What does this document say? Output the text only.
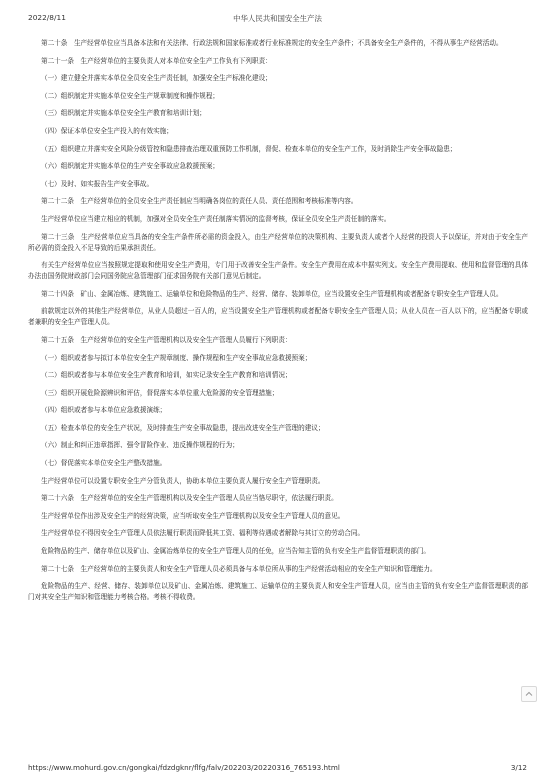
2022/8/11	中华人民共和国安全生产法

第二十条　生产经营单位应当具备本法和有关法律、行政法规和国家标准或者行业标准规定的安全生产条件；不具备安全生产条件的，不得从事生产经营活动。

第二十一条　生产经营单位的主要负责人对本单位安全生产工作负有下列职责：

（一）建立健全并落实本单位全员安全生产责任制，加强安全生产标准化建设；

（二）组织制定并实施本单位安全生产规章制度和操作规程；

（三）组织制定并实施本单位安全生产教育和培训计划；

（四）保证本单位安全生产投入的有效实施；

（五）组织建立并落实安全风险分级管控和隐患排查治理双重预防工作机制，督促、检查本单位的安全生产工作，及时消除生产安全事故隐患；

（六）组织制定并实施本单位的生产安全事故应急救援预案；

（七）及时、如实报告生产安全事故。

第二十二条　生产经营单位的全员安全生产责任制应当明确各岗位的责任人员、责任范围和考核标准等内容。

生产经营单位应当建立相应的机制，加强对全员安全生产责任制落实情况的监督考核，保证全员安全生产责任制的落实。

第二十三条　生产经营单位应当具备的安全生产条件所必需的资金投入，由生产经营单位的决策机构、主要负责人或者个人经营的投资人予以保证，并对由于安全生产所必需的资金投入不足导致的后果承担责任。

有关生产经营单位应当按照规定提取和使用安全生产费用，专门用于改善安全生产条件。安全生产费用在成本中据实列支。安全生产费用提取、使用和监督管理的具体办法由国务院财政部门会同国务院应急管理部门征求国务院有关部门意见后制定。

第二十四条　矿山、金属冶炼、建筑施工、运输单位和危险物品的生产、经营、储存、装卸单位，应当设置安全生产管理机构或者配备专职安全生产管理人员。

前款规定以外的其他生产经营单位，从业人员超过一百人的，应当设置安全生产管理机构或者配备专职安全生产管理人员；从业人员在一百人以下的，应当配备专职或者兼职的安全生产管理人员。

第二十五条　生产经营单位的安全生产管理机构以及安全生产管理人员履行下列职责：

（一）组织或者参与拟订本单位安全生产规章制度、操作规程和生产安全事故应急救援预案；

（二）组织或者参与本单位安全生产教育和培训，如实记录安全生产教育和培训情况；

（三）组织开展危险源辨识和评估，督促落实本单位重大危险源的安全管理措施；

（四）组织或者参与本单位应急救援演练；

（五）检查本单位的安全生产状况，及时排查生产安全事故隐患，提出改进安全生产管理的建议；

（六）制止和纠正违章指挥、强令冒险作业、违反操作规程的行为；

（七）督促落实本单位安全生产整改措施。

生产经营单位可以设置专职安全生产分管负责人，协助本单位主要负责人履行安全生产管理职责。

第二十六条　生产经营单位的安全生产管理机构以及安全生产管理人员应当恪尽职守，依法履行职责。

生产经营单位作出涉及安全生产的经营决策，应当听取安全生产管理机构以及安全生产管理人员的意见。

生产经营单位不得因安全生产管理人员依法履行职责而降低其工资、福利等待遇或者解除与其订立的劳动合同。

危险物品的生产、储存单位以及矿山、金属冶炼单位的安全生产管理人员的任免，应当告知主管的负有安全生产监督管理职责的部门。

第二十七条　生产经营单位的主要负责人和安全生产管理人员必须具备与本单位所从事的生产经营活动相应的安全生产知识和管理能力。

危险物品的生产、经营、储存、装卸单位以及矿山、金属冶炼、建筑施工、运输单位的主要负责人和安全生产管理人员，应当由主管的负有安全生产监督管理职责的部门对其安全生产知识和管理能力考核合格。考核不得收费。

https://www.mohurd.gov.cn/gongkai/fdzdgknr/flfg/falv/202203/20220316_765193.html	3/12
